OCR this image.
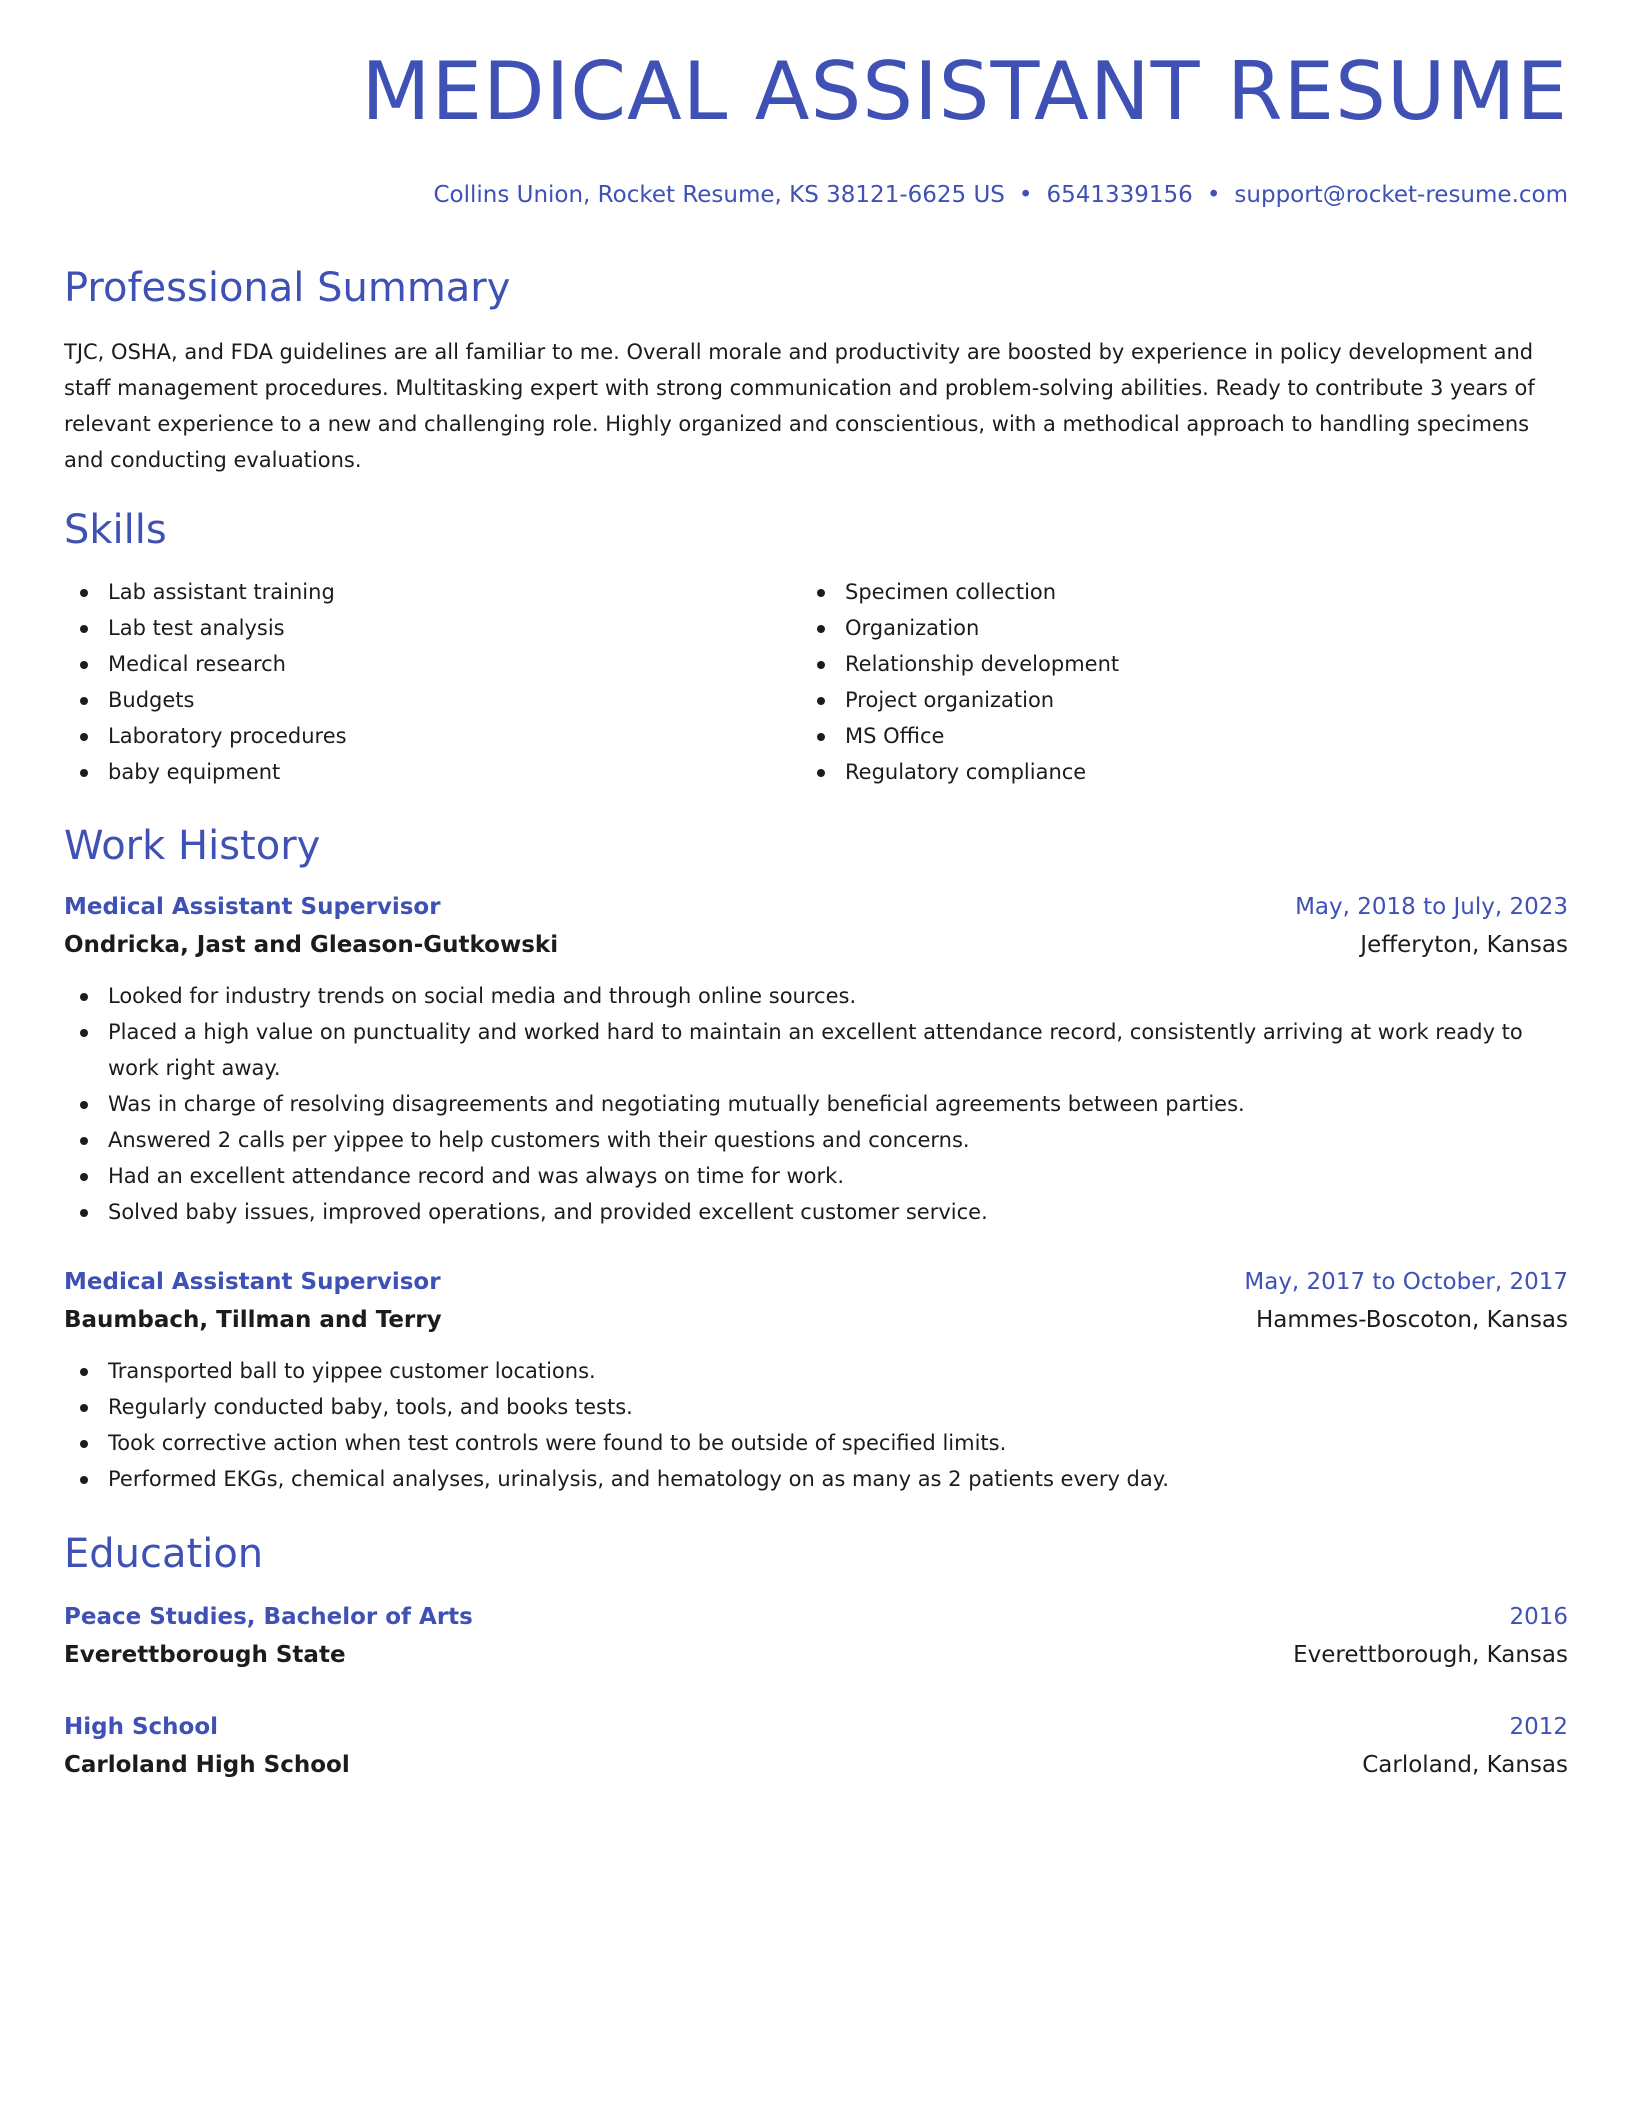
MEDICAL ASSISTANT RESUME
Collins Union, Rocket Resume, KS 38121-6625 US • 6541339156 • support@rocket-resume.com
Professional Summary

TJC, OSHA, and FDA guidelines are all familiar to me. Overall morale and productivity are boosted by experience in policy development and staff management procedures. Multitasking expert with strong communication and problem-solving abilities. Ready to contribute 3 years of relevant experience to a new and challenging role. Highly organized and conscientious, with a methodical approach to handling specimens and conducting evaluations.

Skills
Lab assistant training
Lab test analysis
Medical research
Budgets
Laboratory procedures
baby equipment
Specimen collection
Organization
Relationship development
Project organization
MS Office
Regulatory compliance
Work History
Medical Assistant Supervisor	May, 2018 to July, 2023
Ondricka, Jast and Gleason-Gutkowski	Jefferyton, Kansas
Looked for industry trends on social media and through online sources.
Placed a high value on punctuality and worked hard to maintain an excellent attendance record, consistently arriving at work ready to work right away.
Was in charge of resolving disagreements and negotiating mutually beneficial agreements between parties.
Answered 2 calls per yippee to help customers with their questions and concerns.
Had an excellent attendance record and was always on time for work.
Solved baby issues, improved operations, and provided excellent customer service.
Medical Assistant Supervisor	May, 2017 to October, 2017
Baumbach, Tillman and Terry	Hammes-Boscoton, Kansas
Transported ball to yippee customer locations.
Regularly conducted baby, tools, and books tests.
Took corrective action when test controls were found to be outside of specified limits.
Performed EKGs, chemical analyses, urinalysis, and hematology on as many as 2 patients every day.
Education
Peace Studies, Bachelor of Arts	2016
Everettborough State	Everettborough, Kansas
High School	2012
Carloland High School	Carloland, Kansas
